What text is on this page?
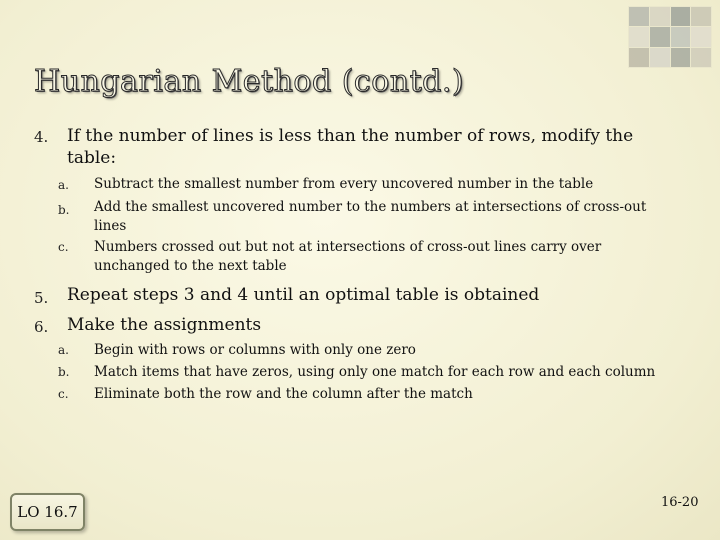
Hungarian Method (contd.)
4. If the number of lines is less than the number of rows, modify the table:
a. Subtract the smallest number from every uncovered number in the table
b. Add the smallest uncovered number to the numbers at intersections of cross-out lines
c. Numbers crossed out but not at intersections of cross-out lines carry over unchanged to the next table
5. Repeat steps 3 and 4 until an optimal table is obtained
6. Make the assignments
a. Begin with rows or columns with only one zero
b. Match items that have zeros, using only one match for each row and each column
c. Eliminate both the row and the column after the match
LO 16.7
16-20
